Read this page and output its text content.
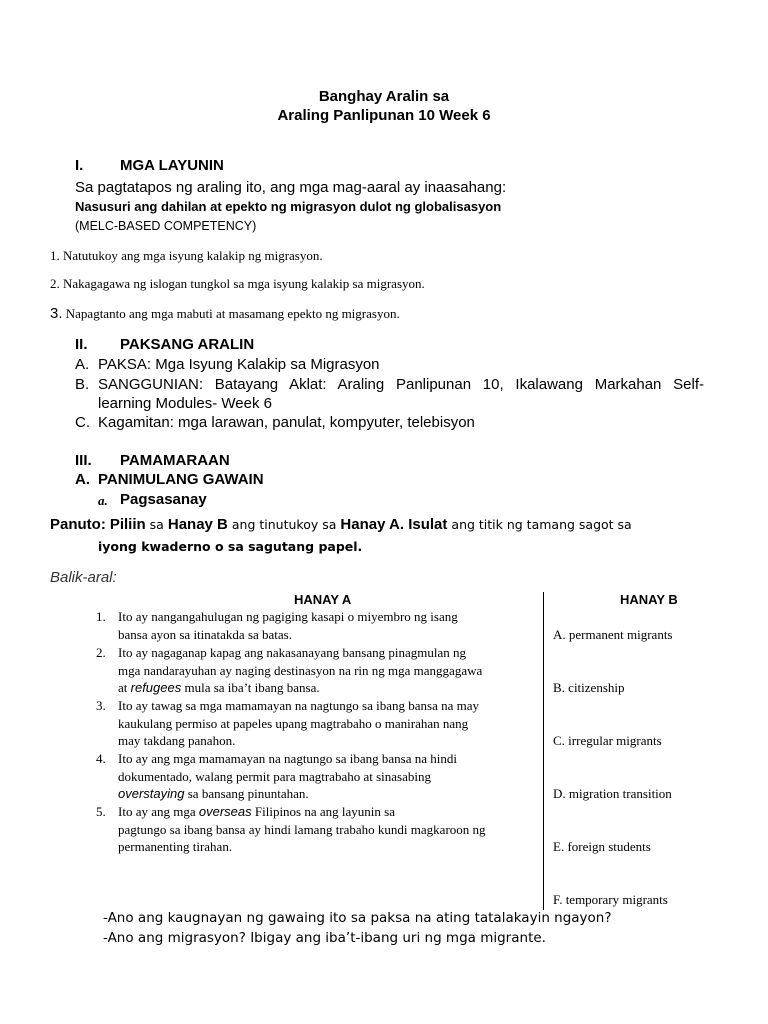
Banghay Aralin sa
Araling Panlipunan 10 Week 6
I. MGA LAYUNIN
Sa pagtatapos ng araling ito, ang mga mag-aaral ay inaasahang:
Nasusuri ang dahilan at epekto ng migrasyon dulot ng globalisasyon
(MELC-BASED COMPETENCY)
1. Natutukoy ang mga isyung kalakip ng migrasyon.
2. Nakagagawa ng islogan tungkol sa mga isyung kalakip sa migrasyon.
3. Napagtanto ang mga mabuti at masamang epekto ng migrasyon.
II. PAKSANG ARALIN
A. PAKSA: Mga Isyung Kalakip sa Migrasyon
B. SANGGUNIAN: Batayang Aklat: Araling Panlipunan 10, Ikalawang Markahan Self-
learning Modules- Week 6
C. Kagamitan: mga larawan, panulat, kompyuter, telebisyon
III. PAMAMARAAN
A. PANIMULANG GAWAIN
a. Pagsasanay
Panuto: Piliin sa Hanay B ang tinutukoy sa Hanay A. Isulat ang titik ng tamang sagot sa
iyong kwaderno o sa sagutang papel.
Balik-aral:
HANAY A
1. Ito ay nangangahulugan ng pagiging kasapi o miyembro ng isang
bansa ayon sa itinatakda sa batas.
2. Ito ay nagaganap kapag ang nakasanayang bansang pinagmulan ng
mga nandarayuhan ay naging destinasyon na rin ng mga manggagawa
at refugees mula sa iba’t ibang bansa.
3. Ito ay tawag sa mga mamamayan na nagtungo sa ibang bansa na may
kaukulang permiso at papeles upang magtrabaho o manirahan nang
may takdang panahon.
4. Ito ay ang mga mamamayan na nagtungo sa ibang bansa na hindi
dokumentado, walang permit para magtrabaho at sinasabing
overstaying sa bansang pinuntahan.
5. Ito ay ang mga overseas Filipinos na ang layunin sa
pagtungo sa ibang bansa ay hindi lamang trabaho kundi magkaroon ng
permanenting tirahan.
HANAY B
A. permanent migrants
B. citizenship
C. irregular migrants
D. migration transition
E. foreign students
F. temporary migrants
-Ano ang kaugnayan ng gawaing ito sa paksa na ating tatalakayin ngayon?
-Ano ang migrasyon? Ibigay ang iba’t-ibang uri ng mga migrante.
